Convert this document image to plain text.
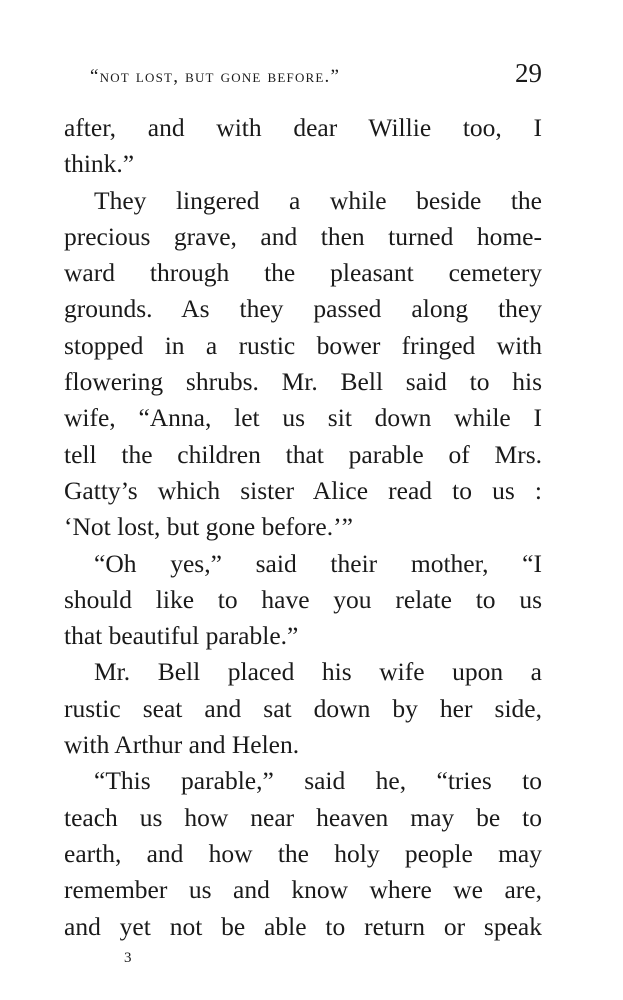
“not lost, but gone before.”	29
after, and with dear Willie too, I
think.”
They lingered a while beside the
precious grave, and then turned home-
ward through the pleasant cemetery
grounds. As they passed along they
stopped in a rustic bower fringed with
flowering shrubs. Mr. Bell said to his
wife, “Anna, let us sit down while I
tell the children that parable of Mrs.
Gatty’s which sister Alice read to us :
‘Not lost, but gone before.’”
“Oh yes,” said their mother, “I
should like to have you relate to us
that beautiful parable.”
Mr. Bell placed his wife upon a
rustic seat and sat down by her side,
with Arthur and Helen.
“This parable,” said he, “tries to
teach us how near heaven may be to
earth, and how the holy people may
remember us and know where we are,
and yet not be able to return or speak
3
